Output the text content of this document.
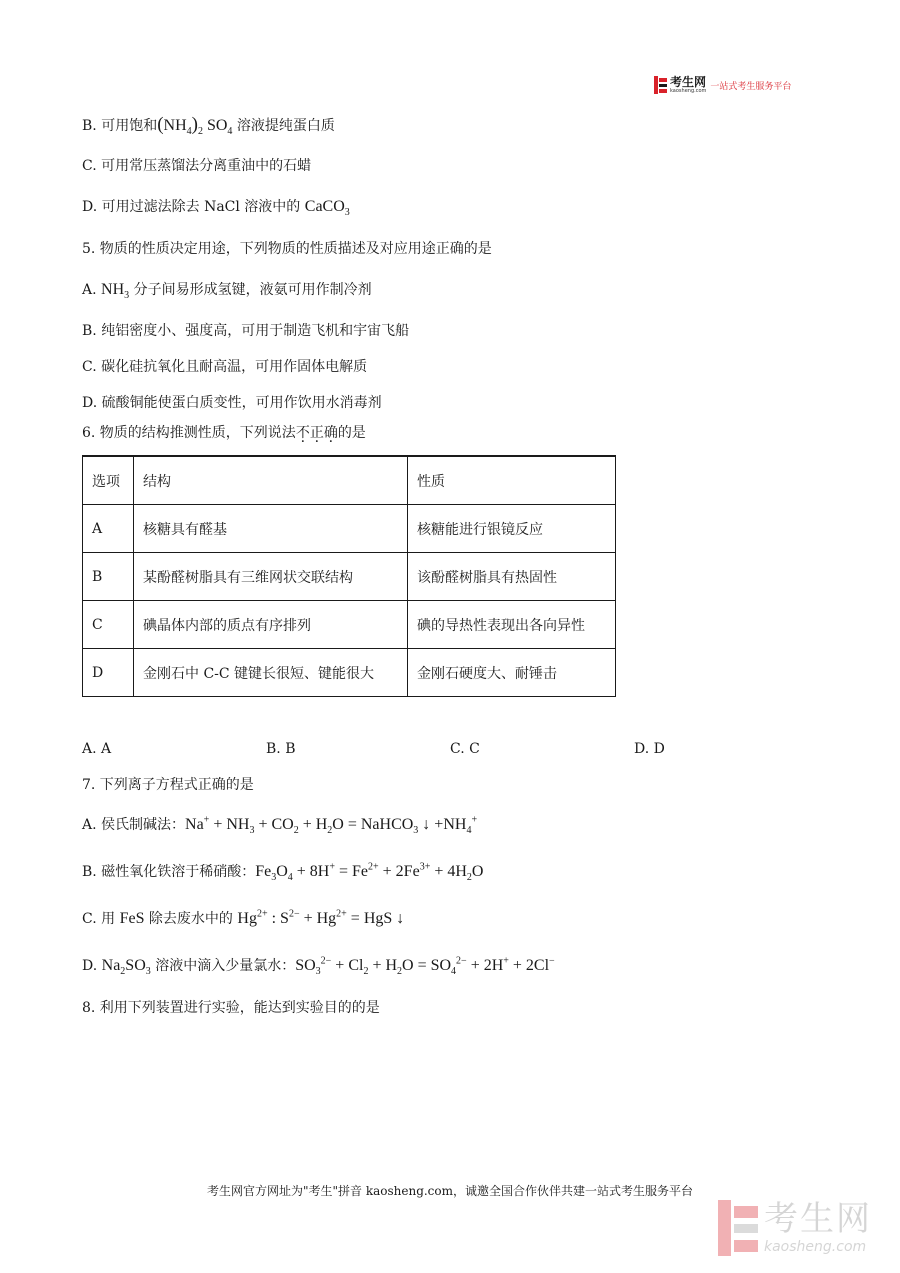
考生网
kaosheng.com 一站式考生服务平台
B. 可用饱和$(NH_4)_2$ $SO_4$ 溶液提纯蛋白质
C. 可用常压蒸馏法分离重油中的石蜡
D. 可用过滤法除去 NaCl 溶液中的 CaCO$_3$
5. 物质的性质决定用途，下列物质的性质描述及对应用途正确的是
A. $NH_3$ 分子间易形成氢键，液氨可用作制冷剂
B. 纯铝密度小、强度高，可用于制造飞机和宇宙飞船
C. 碳化硅抗氧化且耐高温，可用作固体电解质
D. 硫酸铜能使蛋白质变性，可用作饮用水消毒剂
6. 物质的结构推测性质，下列说法不正确的是
选项	结构	性质
A	核糖具有醛基	核糖能进行银镜反应
B	某酚醛树脂具有三维网状交联结构	该酚醛树脂具有热固性
C	碘晶体内部的质点有序排列	碘的导热性表现出各向异性
D	金刚石中 C-C 键键长很短、键能很大	金刚石硬度大、耐锤击
A. A	B. B	C. C	D. D
7. 下列离子方程式正确的是
A. 侯氏制碱法：$Na^+ + NH_3 + CO_2 + H_2O$ = NaHCO$_3$ ↓ $+NH_4^+$
B. 磁性氧化铁溶于稀硝酸：$Fe_3O_4 + 8H^+ = Fe^{2+} + 2Fe^{3+} + 4H_2O$
C. 用 FeS 除去废水中的 $Hg^{2+}$ : $S^{2-} + Hg^{2+}$ = HgS ↓
D. $Na_2SO_3$ 溶液中滴入少量氯水：$SO_3^{2-} + Cl_2 + H_2O = SO_4^{2-} + 2H^+ + 2Cl^-$
8. 利用下列装置进行实验，能达到实验目的的是
考生网官方网址为"考生"拼音 kaosheng.com，诚邀全国合作伙伴共建一站式考生服务平台
考生网
kaosheng.com
